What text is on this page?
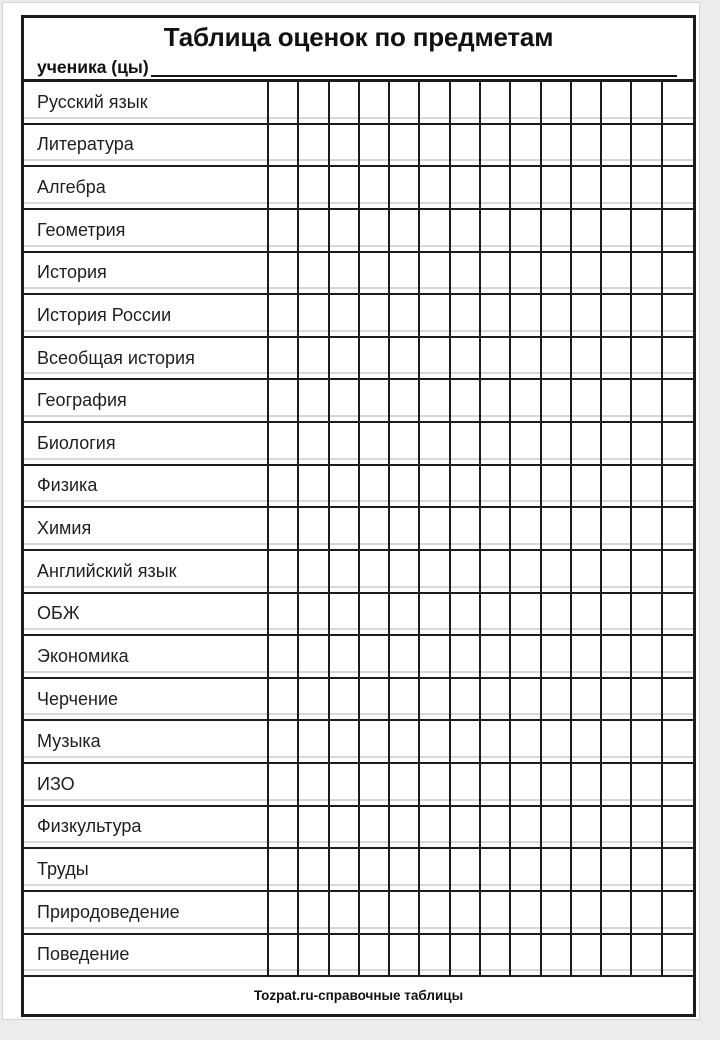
Таблица оценок по предметам
ученика (цы)
Русский язык
Литература
Алгебра
Геометрия
История
История России
Всеобщая история
География
Биология
Физика
Химия
Английский язык
ОБЖ
Экономика
Черчение
Музыка
ИЗО
Физкультура
Труды
Природоведение
Поведение
Tozpat.ru-справочные таблицы
